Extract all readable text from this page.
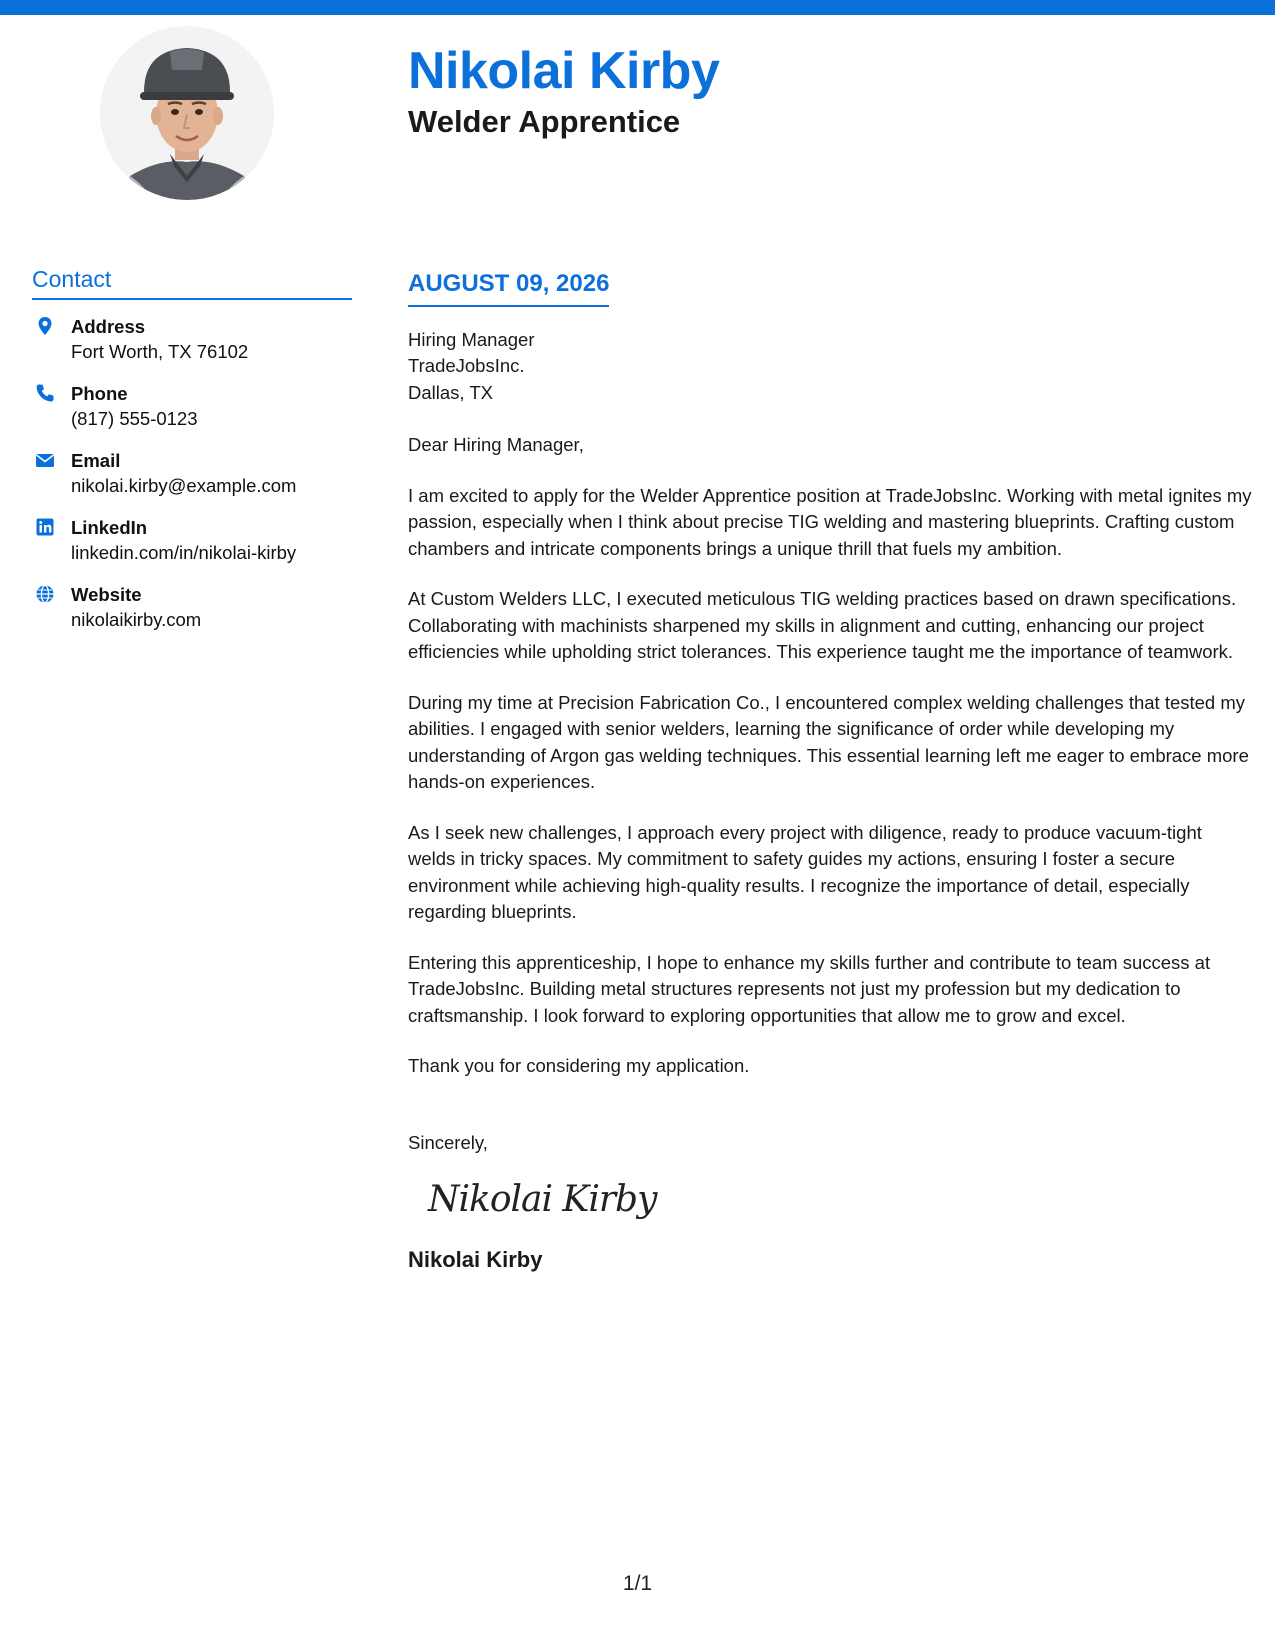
Nikolai Kirby
Welder Apprentice
Contact
Address
Fort Worth, TX 76102
Phone
(817) 555-0123
Email
nikolai.kirby@example.com
LinkedIn
linkedin.com/in/nikolai-kirby
Website
nikolaikirby.com
AUGUST 09, 2026
Hiring Manager
TradeJobsInc.
Dallas, TX

Dear Hiring Manager,

I am excited to apply for the Welder Apprentice position at TradeJobsInc. Working with metal ignites my passion, especially when I think about precise TIG welding and mastering blueprints. Crafting custom chambers and intricate components brings a unique thrill that fuels my ambition.

At Custom Welders LLC, I executed meticulous TIG welding practices based on drawn specifications. Collaborating with machinists sharpened my skills in alignment and cutting, enhancing our project efficiencies while upholding strict tolerances. This experience taught me the importance of teamwork.

During my time at Precision Fabrication Co., I encountered complex welding challenges that tested my abilities. I engaged with senior welders, learning the significance of order while developing my understanding of Argon gas welding techniques. This essential learning left me eager to embrace more hands-on experiences.

As I seek new challenges, I approach every project with diligence, ready to produce vacuum-tight welds in tricky spaces. My commitment to safety guides my actions, ensuring I foster a secure environment while achieving high-quality results. I recognize the importance of detail, especially regarding blueprints.

Entering this apprenticeship, I hope to enhance my skills further and contribute to team success at TradeJobsInc. Building metal structures represents not just my profession but my dedication to craftsmanship. I look forward to exploring opportunities that allow me to grow and excel.

Thank you for considering my application.

Sincerely,

Nikolai Kirby
Nikolai Kirby
1/1
